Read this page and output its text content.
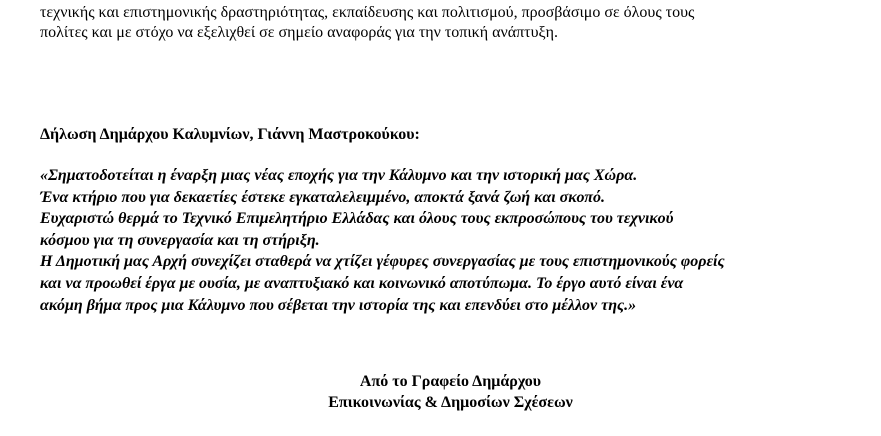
τεχνικής και επιστημονικής δραστηριότητας, εκπαίδευσης και πολιτισμού, προσβάσιμο σε όλους τους
πολίτες και με στόχο να εξελιχθεί σε σημείο αναφοράς για την τοπική ανάπτυξη.

Δήλωση Δημάρχου Καλυμνίων, Γιάννη Μαστροκούκου:

«Σηματοδοτείται η έναρξη μιας νέας εποχής για την Κάλυμνο και την ιστορική μας Χώρα.
Ένα κτήριο που για δεκαετίες έστεκε εγκαταλελειμμένο, αποκτά ξανά ζωή και σκοπό.
Ευχαριστώ θερμά το Τεχνικό Επιμελητήριο Ελλάδας και όλους τους εκπροσώπους του τεχνικού
κόσμου για τη συνεργασία και τη στήριξη.
Η Δημοτική μας Αρχή συνεχίζει σταθερά να χτίζει γέφυρες συνεργασίας με τους επιστημονικούς φορείς
και να προωθεί έργα με ουσία, με αναπτυξιακό και κοινωνικό αποτύπωμα. Το έργο αυτό είναι ένα
ακόμη βήμα προς μια Κάλυμνο που σέβεται την ιστορία της και επενδύει στο μέλλον της.»

Από το Γραφείο Δημάρχου
Επικοινωνίας & Δημοσίων Σχέσεων
